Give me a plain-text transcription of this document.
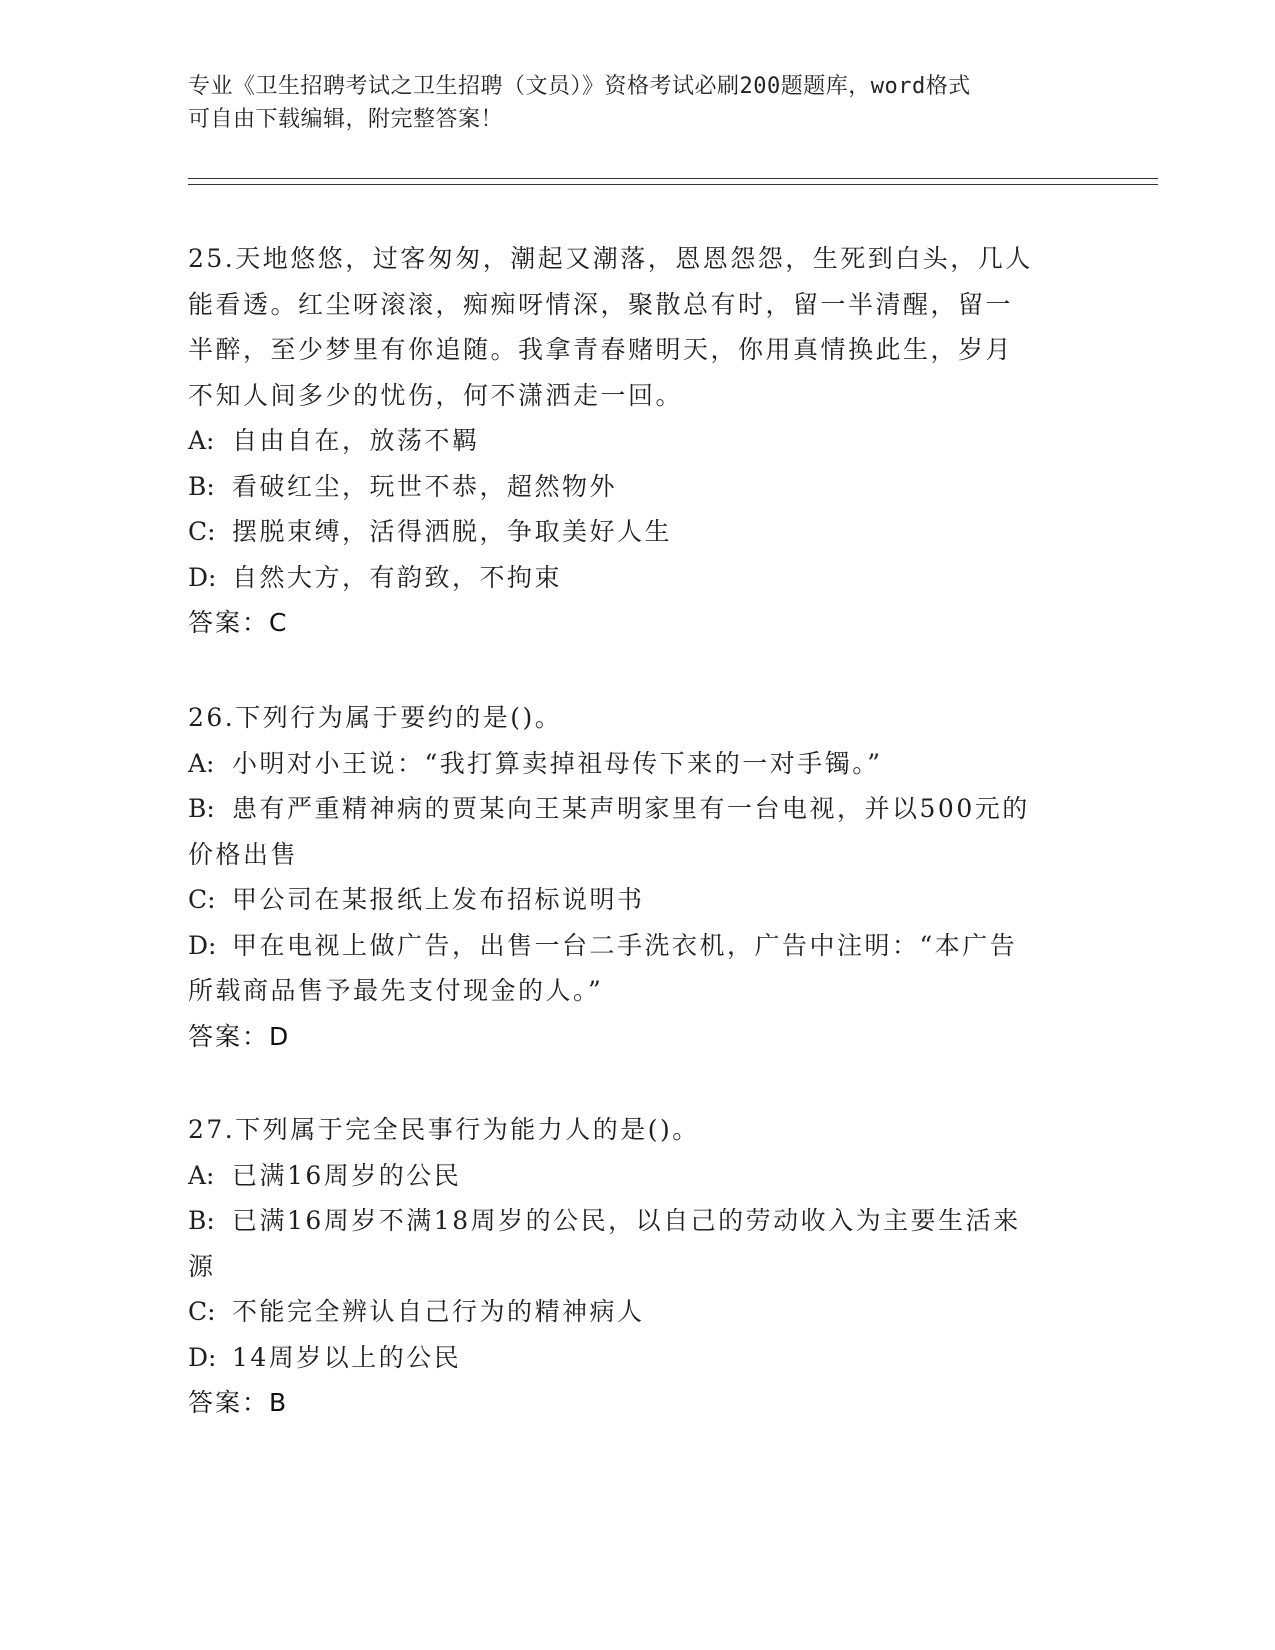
专业《卫生招聘考试之卫生招聘（文员）》资格考试必刷200题题库，word格式
可自由下载编辑，附完整答案！

25.天地悠悠，过客匆匆，潮起又潮落，恩恩怨怨，生死到白头，几人

能看透。红尘呀滚滚，痴痴呀情深，聚散总有时，留一半清醒，留一

半醉，至少梦里有你追随。我拿青春赌明天，你用真情换此生，岁月

不知人间多少的忧伤，何不潇洒走一回。

A: 自由自在，放荡不羁

B: 看破红尘，玩世不恭，超然物外

C: 摆脱束缚，活得洒脱，争取美好人生

D: 自然大方，有韵致，不拘束

答案：C

26.下列行为属于要约的是()。

A: 小明对小王说：“我打算卖掉祖母传下来的一对手镯。”

B: 患有严重精神病的贾某向王某声明家里有一台电视，并以500元的

价格出售

C: 甲公司在某报纸上发布招标说明书

D: 甲在电视上做广告，出售一台二手洗衣机，广告中注明：“本广告

所载商品售予最先支付现金的人。”

答案：D

27.下列属于完全民事行为能力人的是()。

A: 已满16周岁的公民

B: 已满16周岁不满18周岁的公民，以自己的劳动收入为主要生活来

源

C: 不能完全辨认自己行为的精神病人

D: 14周岁以上的公民

答案：B
